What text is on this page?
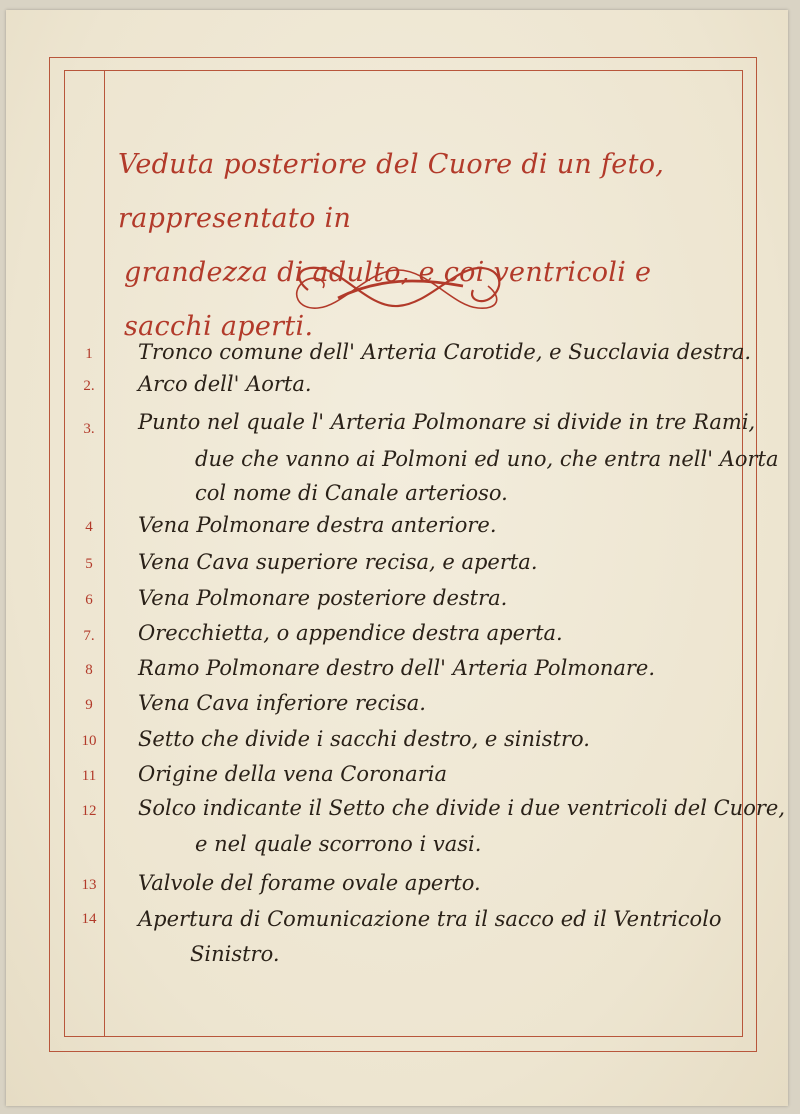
Veduta posteriore del Cuore di un feto, rappresentato in
grandezza di adulto, e coi ventricoli e sacchi aperti.
1	Tronco comune dell' Arteria Carotide, e Succlavia destra.
2.	Arco dell' Aorta.
3.	Punto nel quale l' Arteria Polmonare si divide in tre Rami,
due che vanno ai Polmoni ed uno, che entra nell' Aorta
col nome di Canale arterioso.
4	Vena Polmonare destra anteriore.
5	Vena Cava superiore recisa, e aperta.
6	Vena Polmonare posteriore destra.
7.	Orecchietta, o appendice destra aperta.
8	Ramo Polmonare destro dell' Arteria Polmonare.
9	Vena Cava inferiore recisa.
10	Setto che divide i sacchi destro, e sinistro.
11	Origine della vena Coronaria
12	Solco indicante il Setto che divide i due ventricoli del Cuore,
e nel quale scorrono i vasi.
13	Valvole del forame ovale aperto.
14	Apertura di Comunicazione tra il sacco ed il Ventricolo
Sinistro.
